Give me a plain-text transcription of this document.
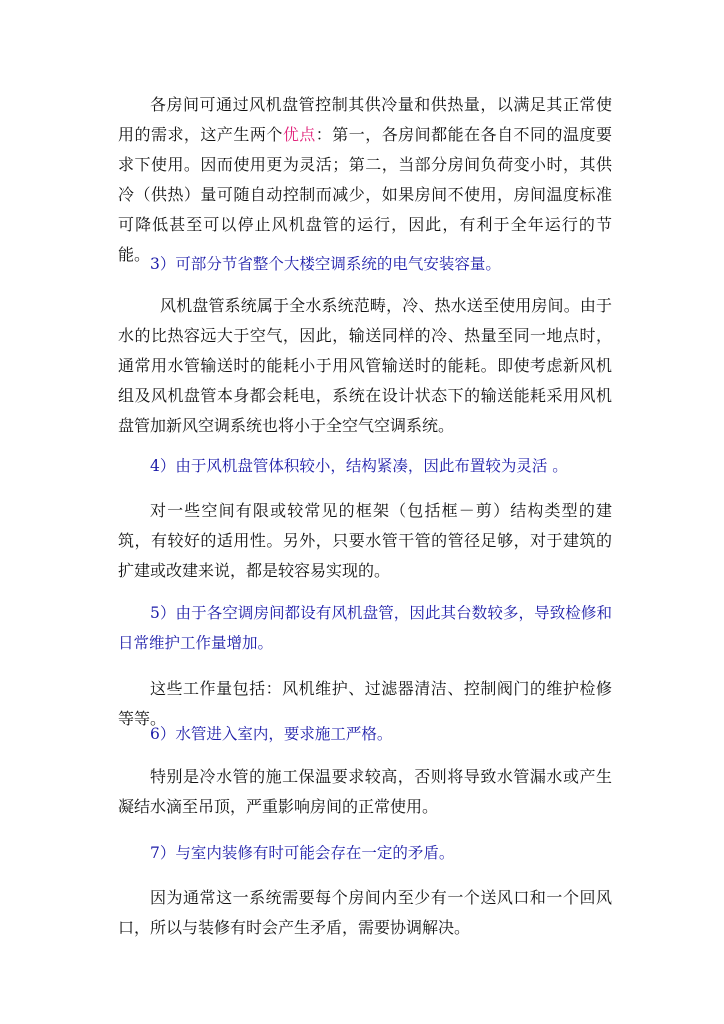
各房间可通过风机盘管控制其供冷量和供热量，以满足其正常使用的需求，这产生两个优点：第一，各房间都能在各自不同的温度要求下使用。因而使用更为灵活；第二，当部分房间负荷变小时，其供冷（供热）量可随自动控制而减少，如果房间不使用，房间温度标准可降低甚至可以停止风机盘管的运行，因此，有利于全年运行的节能。 3）可部分节省整个大楼空调系统的电气安装容量。

风机盘管系统属于全水系统范畴，冷、热水送至使用房间。由于水的比热容远大于空气，因此，输送同样的冷、热量至同一地点时，通常用水管输送时的能耗小于用风管输送时的能耗。即使考虑新风机组及风机盘管本身都会耗电，系统在设计状态下的输送能耗采用风机盘管加新风空调系统也将小于全空气空调系统。

4）由于风机盘管体积较小，结构紧凑，因此布置较为灵活 。

对一些空间有限或较常见的框架（包括框－剪）结构类型的建筑，有较好的适用性。另外，只要水管干管的管径足够，对于建筑的扩建或改建来说，都是较容易实现的。

5）由于各空调房间都设有风机盘管，因此其台数较多，导致检修和日常维护工作量增加。

这些工作量包括：风机维护、过滤器清洁、控制阀门的维护检修等等。

6）水管进入室内，要求施工严格。

特别是冷水管的施工保温要求较高，否则将导致水管漏水或产生凝结水滴至吊顶，严重影响房间的正常使用。

7）与室内装修有时可能会存在一定的矛盾。

因为通常这一系统需要每个房间内至少有一个送风口和一个回风口，所以与装修有时会产生矛盾，需要协调解决。
